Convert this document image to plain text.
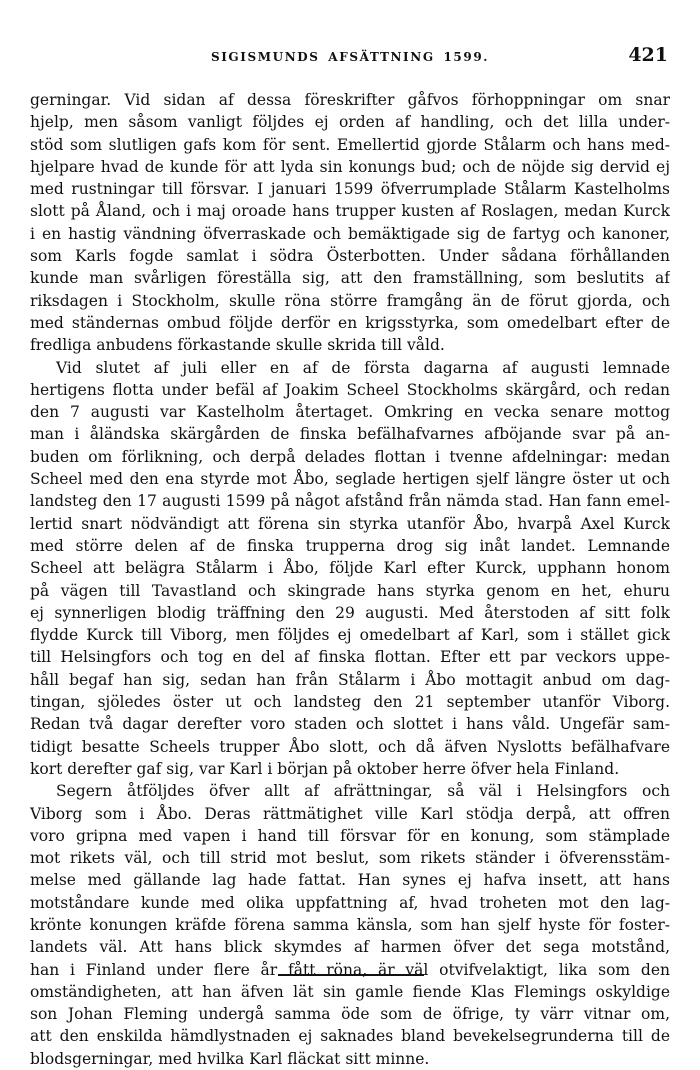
SIGISMUNDS AFSÄTTNING 1599.	421
gerningar. Vid sidan af dessa föreskrifter gåfvos förhoppningar om snar
hjelp, men såsom vanligt följdes ej orden af handling, och det lilla under-
stöd som slutligen gafs kom för sent. Emellertid gjorde Stålarm och hans med-
hjelpare hvad de kunde för att lyda sin konungs bud; och de nöjde sig dervid ej
med rustningar till försvar. I januari 1599 öfverrumplade Stålarm Kastelholms
slott på Åland, och i maj oroade hans trupper kusten af Roslagen, medan Kurck
i en hastig vändning öfverraskade och bemäktigade sig de fartyg och kanoner,
som Karls fogde samlat i södra Österbotten. Under sådana förhållanden
kunde man svårligen föreställa sig, att den framställning, som beslutits af
riksdagen i Stockholm, skulle röna större framgång än de förut gjorda, och
med ständernas ombud följde derför en krigsstyrka, som omedelbart efter de
fredliga anbudens förkastande skulle skrida till våld.
Vid slutet af juli eller en af de första dagarna af augusti lemnade
hertigens flotta under befäl af Joakim Scheel Stockholms skärgård, och redan
den 7 augusti var Kastelholm återtaget. Omkring en vecka senare mottog
man i åländska skärgården de finska befälhafvarnes afböjande svar på an-
buden om förlikning, och derpå delades flottan i tvenne afdelningar: medan
Scheel med den ena styrde mot Åbo, seglade hertigen sjelf längre öster ut och
landsteg den 17 augusti 1599 på något afstånd från nämda stad. Han fann emel-
lertid snart nödvändigt att förena sin styrka utanför Åbo, hvarpå Axel Kurck
med större delen af de finska trupperna drog sig inåt landet. Lemnande
Scheel att belägra Stålarm i Åbo, följde Karl efter Kurck, upphann honom
på vägen till Tavastland och skingrade hans styrka genom en het, ehuru
ej synnerligen blodig träffning den 29 augusti. Med återstoden af sitt folk
flydde Kurck till Viborg, men följdes ej omedelbart af Karl, som i stället gick
till Helsingfors och tog en del af finska flottan. Efter ett par veckors uppe-
håll begaf han sig, sedan han från Stålarm i Åbo mottagit anbud om dag-
tingan, sjöledes öster ut och landsteg den 21 september utanför Viborg.
Redan två dagar derefter voro staden och slottet i hans våld. Ungefär sam-
tidigt besatte Scheels trupper Åbo slott, och då äfven Nyslotts befälhafvare
kort derefter gaf sig, var Karl i början på oktober herre öfver hela Finland.
Segern åtföljdes öfver allt af afrättningar, så väl i Helsingfors och
Viborg som i Åbo. Deras rättmätighet ville Karl stödja derpå, att offren
voro gripna med vapen i hand till försvar för en konung, som stämplade
mot rikets väl, och till strid mot beslut, som rikets ständer i öfverensstäm-
melse med gällande lag hade fattat. Han synes ej hafva insett, att hans
motståndare kunde med olika uppfattning af, hvad troheten mot den lag-
krönte konungen kräfde förena samma känsla, som han sjelf hyste för foster-
landets väl. Att hans blick skymdes af harmen öfver det sega motstånd,
han i Finland under flere år fått röna, är väl otvifvelaktigt, lika som den
omständigheten, att han äfven lät sin gamle fiende Klas Flemings oskyldige
son Johan Fleming undergå samma öde som de öfrige, ty värr vitnar om,
att den enskilda hämdlystnaden ej saknades bland bevekelsegrunderna till de
blodsgerningar, med hvilka Karl fläckat sitt minne.
